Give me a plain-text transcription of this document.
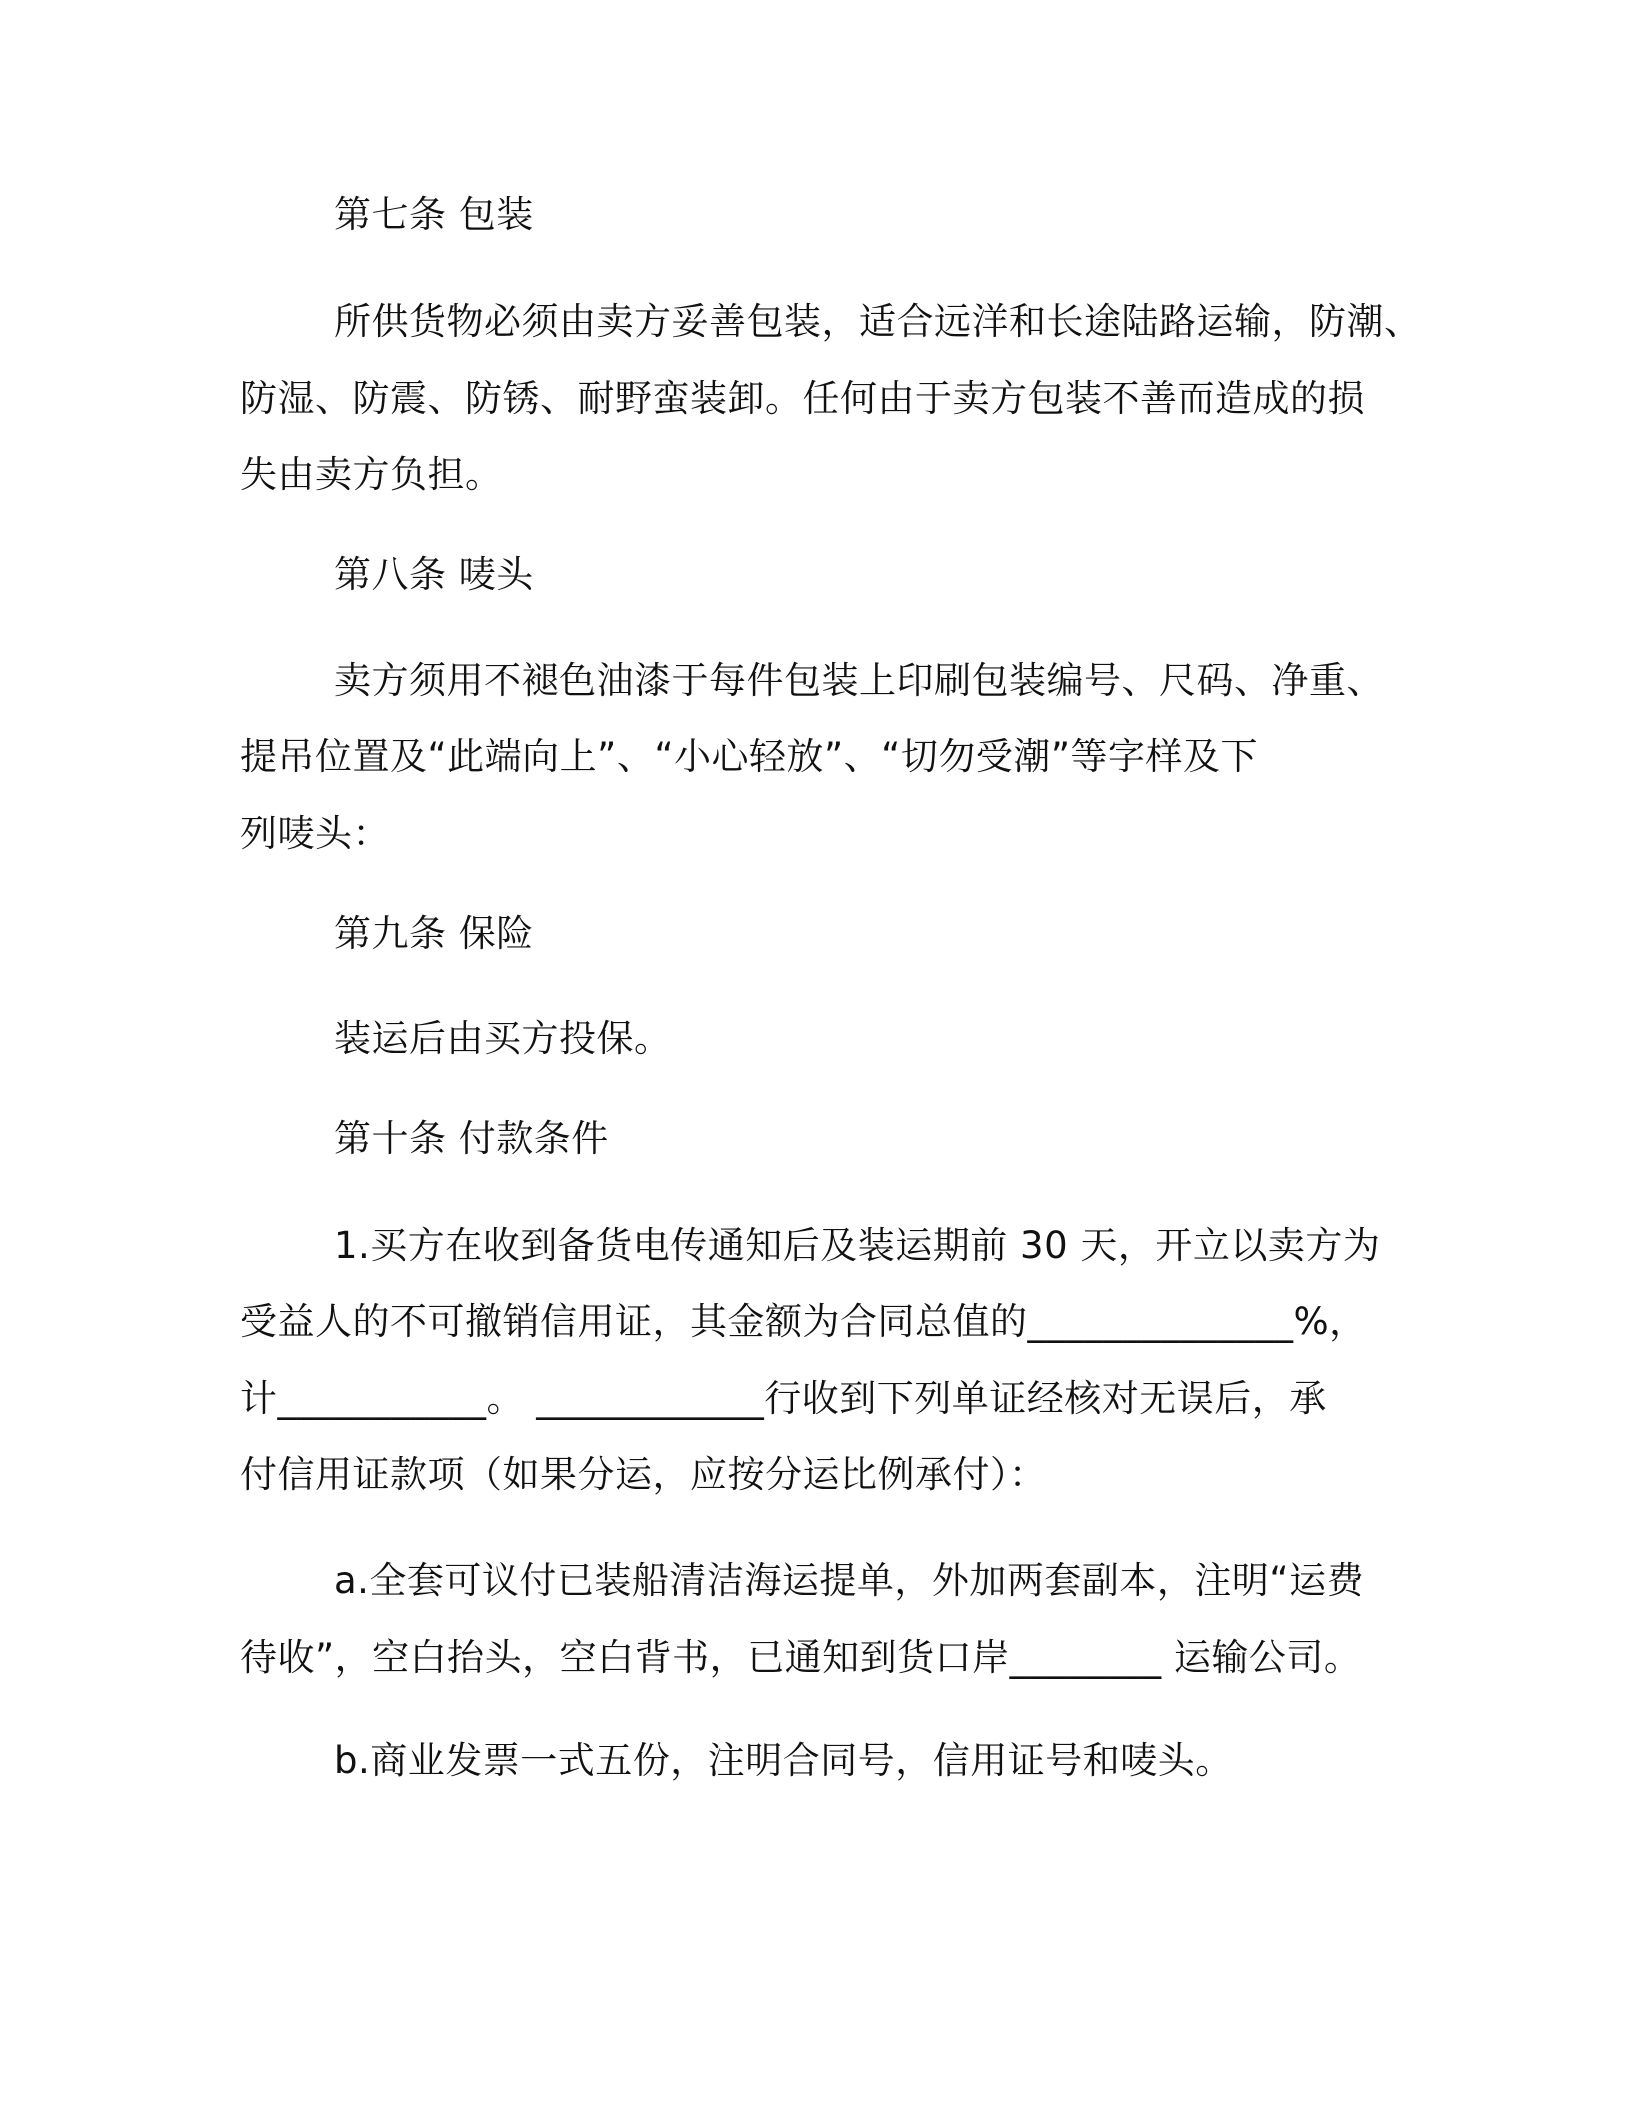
第七条 包装
所供货物必须由卖方妥善包装，适合远洋和长途陆路运输，防潮、
防湿、防震、防锈、耐野蛮装卸。任何由于卖方包装不善而造成的损
失由卖方负担。
第八条 唛头
卖方须用不褪色油漆于每件包装上印刷包装编号、尺码、净重、
提吊位置及“此端向上”、“小心轻放”、“切勿受潮”等字样及下
列唛头：
第九条 保险
装运后由买方投保。
第十条 付款条件
1.买方在收到备货电传通知后及装运期前 30 天，开立以卖方为
受益人的不可撤销信用证，其金额为合同总值的______________%，
计___________。 ____________行收到下列单证经核对无误后，承
付信用证款项（如果分运，应按分运比例承付）：
a.全套可议付已装船清洁海运提单，外加两套副本，注明“运费
待收”，空白抬头，空白背书，已通知到货口岸________ 运输公司。
b.商业发票一式五份，注明合同号，信用证号和唛头。
